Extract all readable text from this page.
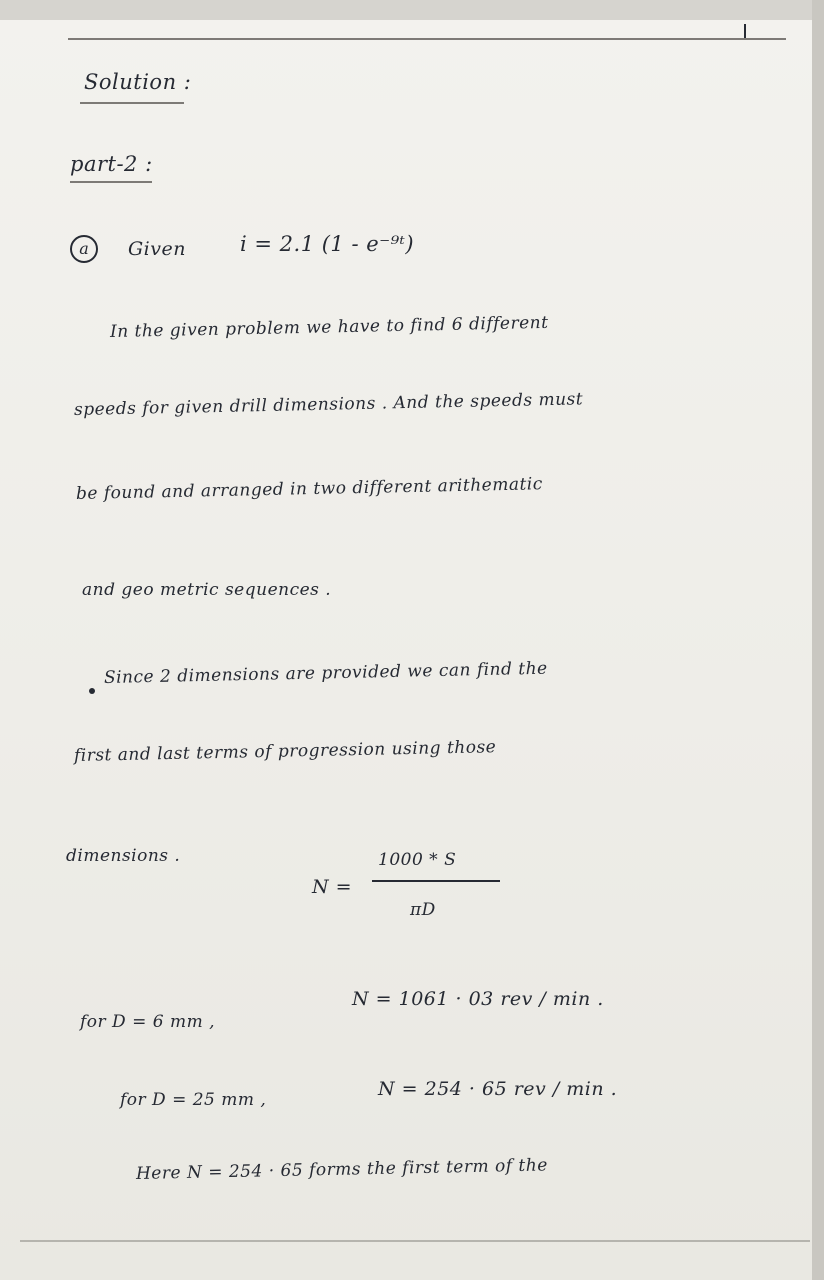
Solution :
part-2 :
a	Given	i = 2.1 (1 - e⁻⁹ᵗ)
In the given problem we have to find 6 different
speeds for given drill dimensions . And the speeds must
be found and arranged in two different arithematic
and geo metric sequences .
Since 2 dimensions are provided we can find the
first and last terms of progression using those
dimensions .
N =
1000 * S
πD
for D = 6 mm ,
N = 1061 · 03 rev / min .
for D = 25 mm ,	N = 254 · 65 rev / min .
Here N = 254 · 65 forms the first term of the
